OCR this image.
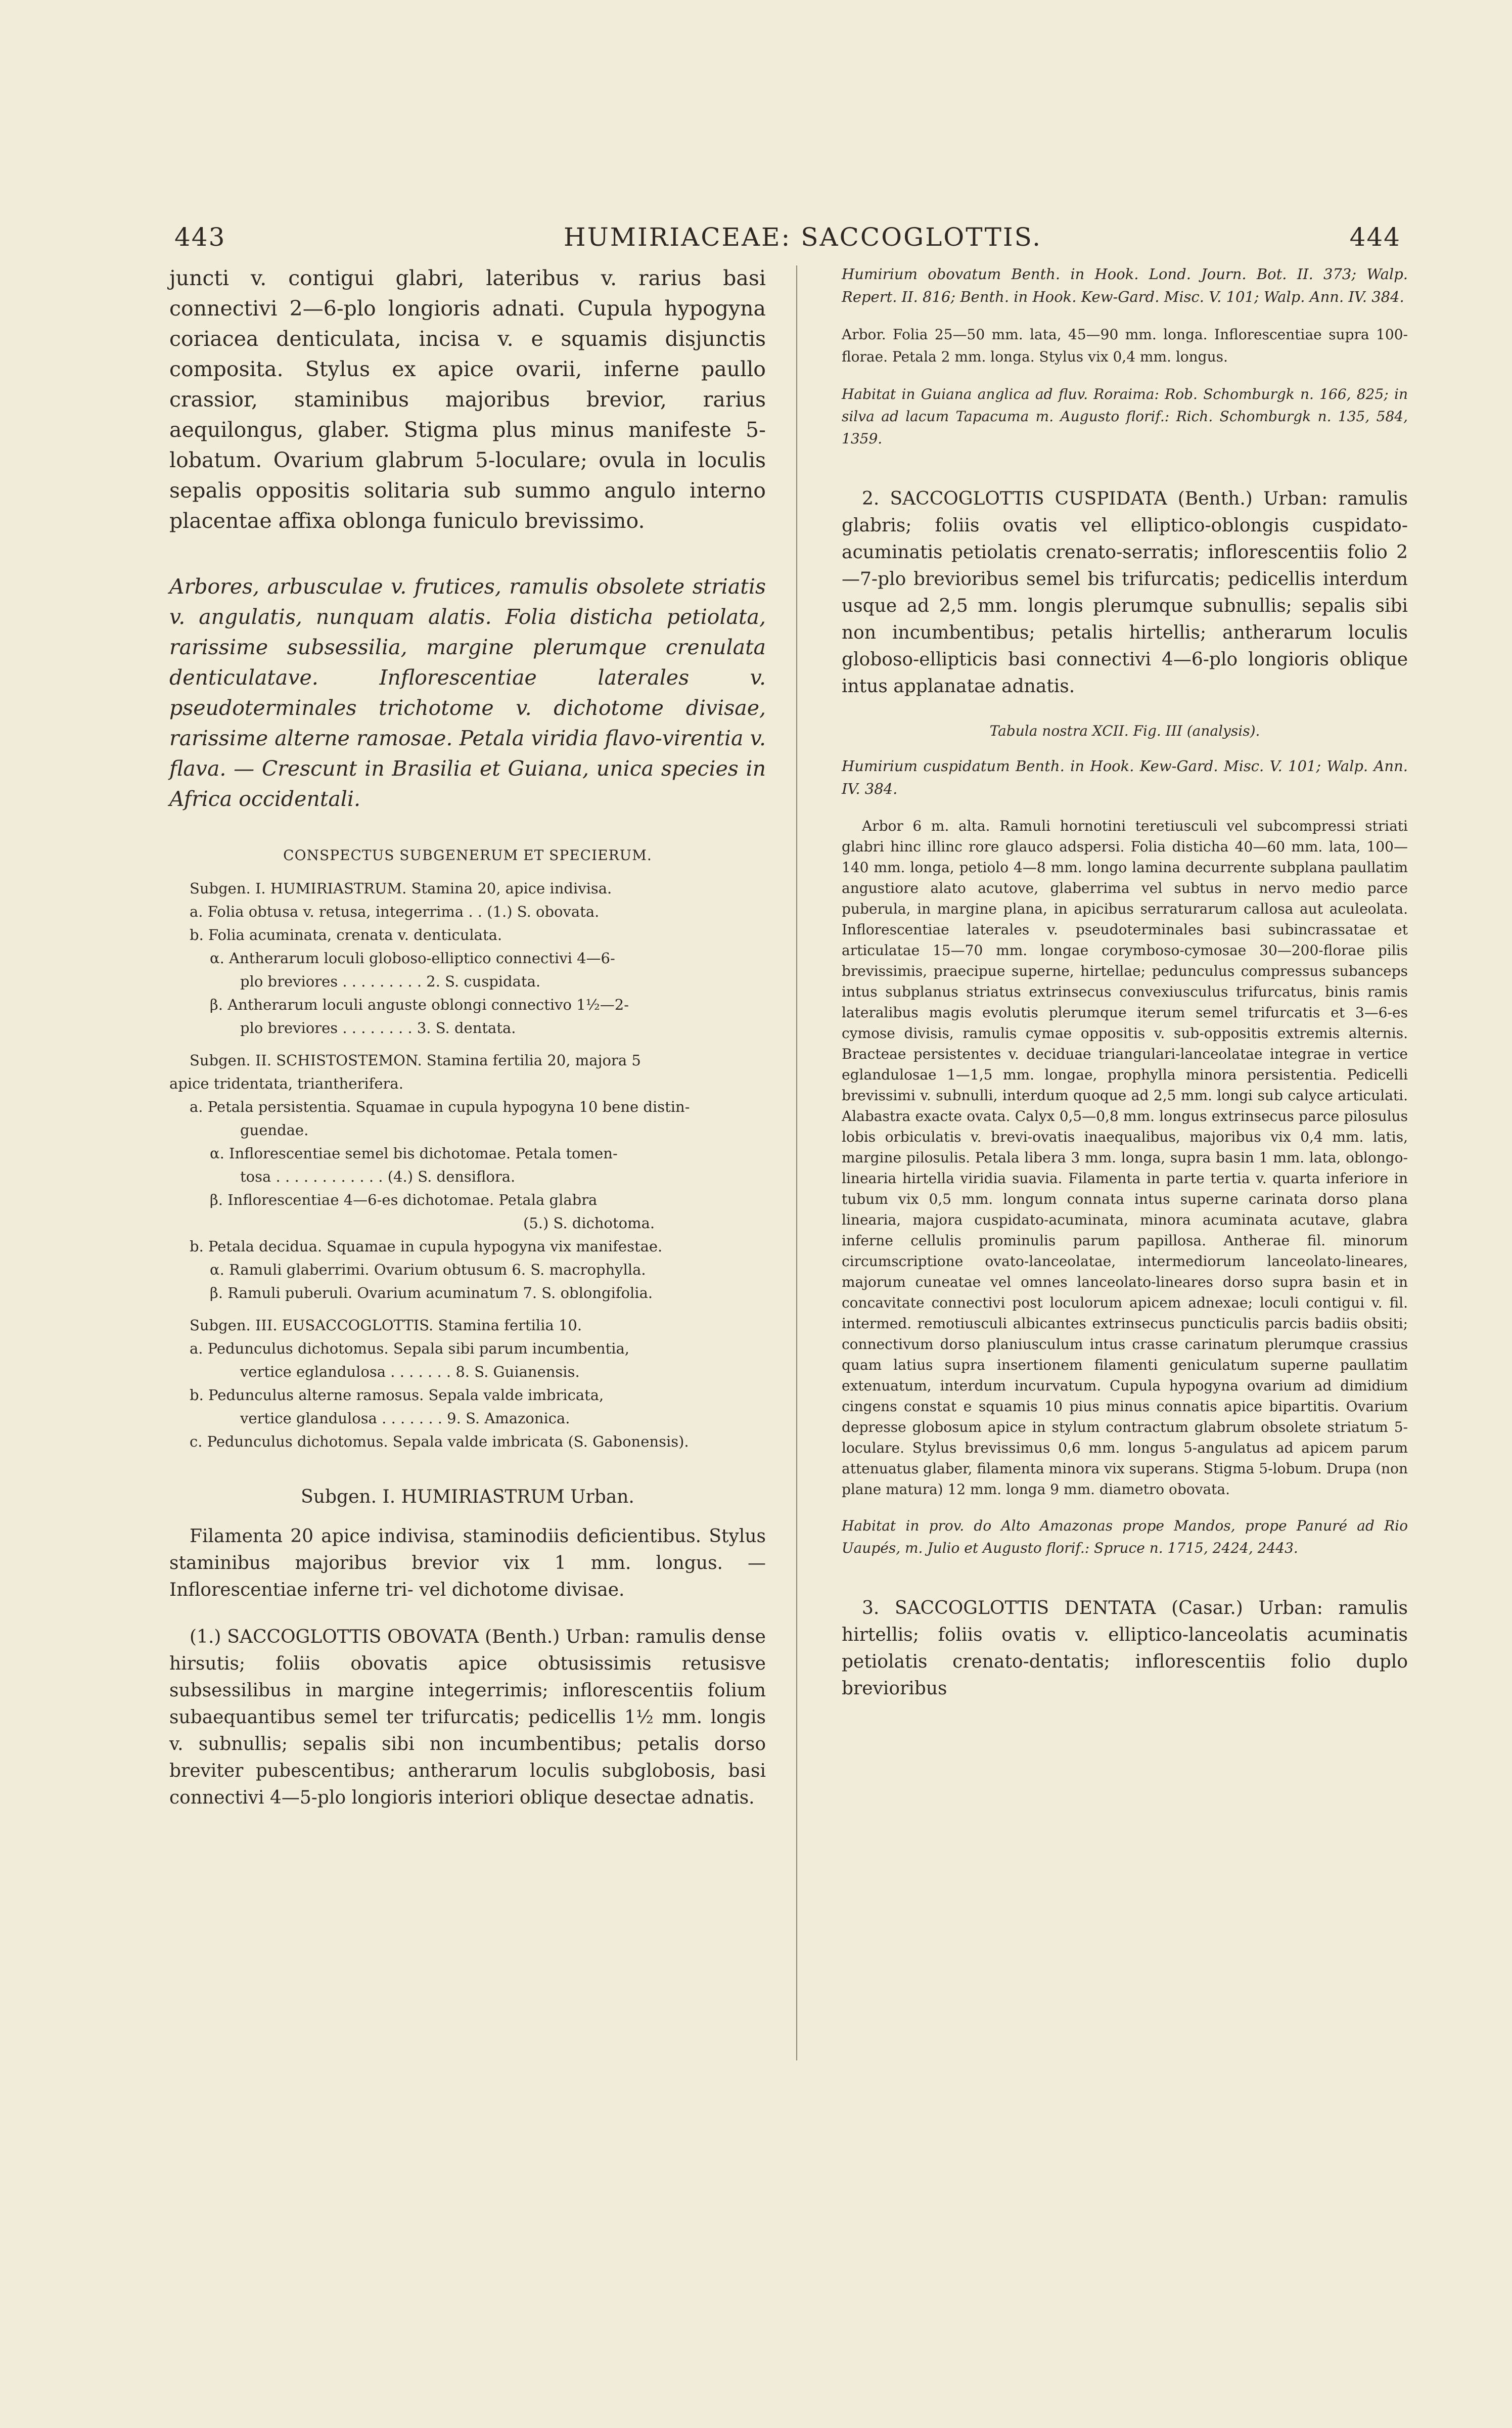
443	HUMIRIACEAE: SACCOGLOTTIS.	444

juncti v. contigui glabri, lateribus v. rarius basi connectivi 2—6-plo longioris adnati. Cupula hypogyna coriacea denticulata, incisa v. e squamis disjunctis composita. Stylus ex apice ovarii, inferne paullo crassior, staminibus majoribus brevior, rarius aequilongus, glaber. Stigma plus minus manifeste 5-lobatum. Ovarium glabrum 5-loculare; ovula in loculis sepalis oppositis solitaria sub summo angulo interno placentae affixa oblonga funiculo brevissimo.

Arbores, arbusculae v. frutices, ramulis obsolete striatis v. angulatis, nunquam alatis. Folia disticha petiolata, rarissime subsessilia, margine plerumque crenulata denticulatave. Inflorescentiae laterales v. pseudoterminales trichotome v. dichotome divisae, rarissime alterne ramosae. Petala viridia flavo-virentia v. flava. — Crescunt in Brasilia et Guiana, unica species in Africa occidentali.

CONSPECTUS SUBGENERUM ET SPECIERUM.

Subgen. I. HUMIRIASTRUM. Stamina 20, apice indivisa.
a. Folia obtusa v. retusa, integerrima . . (1.) S. obovata.
b. Folia acuminata, crenata v. denticulata.
α. Antherarum loculi globoso-elliptico connectivi 4—6-
plo breviores . . . . . . . . . 2. S. cuspidata.
β. Antherarum loculi anguste oblongi connectivo 1½—2-
plo breviores . . . . . . . . 3. S. dentata.
Subgen. II. SCHISTOSTEMON. Stamina fertilia 20, majora 5
apice tridentata, triantherifera.
a. Petala persistentia. Squamae in cupula hypogyna 10 bene distin-
guendae.
α. Inflorescentiae semel bis dichotomae. Petala tomen-
tosa . . . . . . . . . . . . (4.) S. densiflora.
β. Inflorescentiae 4—6-es dichotomae. Petala glabra
(5.) S. dichotoma.
b. Petala decidua. Squamae in cupula hypogyna vix manifestae.
α. Ramuli glaberrimi. Ovarium obtusum 6. S. macrophylla.
β. Ramuli puberuli. Ovarium acuminatum 7. S. oblongifolia.
Subgen. III. EUSACCOGLOTTIS. Stamina fertilia 10.
a. Pedunculus dichotomus. Sepala sibi parum incumbentia,
vertice eglandulosa . . . . . . . 8. S. Guianensis.
b. Pedunculus alterne ramosus. Sepala valde imbricata,
vertice glandulosa . . . . . . . 9. S. Amazonica.
c. Pedunculus dichotomus. Sepala valde imbricata (S. Gabonensis).

Subgen. I. HUMIRIASTRUM Urban.

Filamenta 20 apice indivisa, staminodiis deficientibus. Stylus staminibus majoribus brevior vix 1 mm. longus. — Inflorescentiae inferne tri- vel dichotome divisae.

(1.) SACCOGLOTTIS OBOVATA (Benth.) Urban: ramulis dense hirsutis; foliis obovatis apice obtusissimis retusisve subsessilibus in margine integerrimis; inflorescentiis folium subaequantibus semel ter trifurcatis; pedicellis 1½ mm. longis v. subnullis; sepalis sibi non incumbentibus; petalis dorso breviter pubescentibus; antherarum loculis subglobosis, basi connectivi 4—5-plo longioris interiori oblique desectae adnatis.

Humirium obovatum Benth. in Hook. Lond. Journ. Bot. II. 373; Walp. Repert. II. 816; Benth. in Hook. Kew-Gard. Misc. V. 101; Walp. Ann. IV. 384.

Arbor. Folia 25—50 mm. lata, 45—90 mm. longa. Inflorescentiae supra 100-florae. Petala 2 mm. longa. Stylus vix 0,4 mm. longus.

Habitat in Guiana anglica ad fluv. Roraima: Rob. Schomburgk n. 166, 825; in silva ad lacum Tapacuma m. Augusto florif.: Rich. Schomburgk n. 135, 584, 1359.

2. SACCOGLOTTIS CUSPIDATA (Benth.) Urban: ramulis glabris; foliis ovatis vel elliptico-oblongis cuspidato-acuminatis petiolatis crenato-serratis; inflorescentiis folio 2—7-plo brevioribus semel bis trifurcatis; pedicellis interdum usque ad 2,5 mm. longis plerumque subnullis; sepalis sibi non incumbentibus; petalis hirtellis; antherarum loculis globoso-ellipticis basi connectivi 4—6-plo longioris oblique intus applanatae adnatis.

Tabula nostra XCII. Fig. III (analysis).

Humirium cuspidatum Benth. in Hook. Kew-Gard. Misc. V. 101; Walp. Ann. IV. 384.

Arbor 6 m. alta. Ramuli hornotini teretiusculi vel subcompressi striati glabri hinc illinc rore glauco adspersi. Folia disticha 40—60 mm. lata, 100—140 mm. longa, petiolo 4—8 mm. longo lamina decurrente subplana paullatim angustiore alato acutove, glaberrima vel subtus in nervo medio parce puberula, in margine plana, in apicibus serraturarum callosa aut aculeolata. Inflorescentiae laterales v. pseudoterminales basi subincrassatae et articulatae 15—70 mm. longae corymboso-cymosae 30—200-florae pilis brevissimis, praecipue superne, hirtellae; pedunculus compressus subanceps intus subplanus striatus extrinsecus convexiusculus trifurcatus, binis ramis lateralibus magis evolutis plerumque iterum semel trifurcatis et 3—6-es cymose divisis, ramulis cymae oppositis v. sub-oppositis extremis alternis. Bracteae persistentes v. deciduae triangulari-lanceolatae integrae in vertice eglandulosae 1—1,5 mm. longae, prophylla minora persistentia. Pedicelli brevissimi v. subnulli, interdum quoque ad 2,5 mm. longi sub calyce articulati. Alabastra exacte ovata. Calyx 0,5—0,8 mm. longus extrinsecus parce pilosulus lobis orbiculatis v. brevi-ovatis inaequalibus, majoribus vix 0,4 mm. latis, margine pilosulis. Petala libera 3 mm. longa, supra basin 1 mm. lata, oblongo-linearia hirtella viridia suavia. Filamenta in parte tertia v. quarta inferiore in tubum vix 0,5 mm. longum connata intus superne carinata dorso plana linearia, majora cuspidato-acuminata, minora acuminata acutave, glabra inferne cellulis prominulis parum papillosa. Antherae fil. minorum circumscriptione ovato-lanceolatae, intermediorum lanceolato-lineares, majorum cuneatae vel omnes lanceolato-lineares dorso supra basin et in concavitate connectivi post loculorum apicem adnexae; loculi contigui v. fil. intermed. remotiusculi albicantes extrinsecus puncticulis parcis badiis obsiti; connectivum dorso planiusculum intus crasse carinatum plerumque crassius quam latius supra insertionem filamenti geniculatum superne paullatim extenuatum, interdum incurvatum. Cupula hypogyna ovarium ad dimidium cingens constat e squamis 10 pius minus connatis apice bipartitis. Ovarium depresse globosum apice in stylum contractum glabrum obsolete striatum 5-loculare. Stylus brevissimus 0,6 mm. longus 5-angulatus ad apicem parum attenuatus glaber, filamenta minora vix superans. Stigma 5-lobum. Drupa (non plane matura) 12 mm. longa 9 mm. diametro obovata.

Habitat in prov. do Alto Amazonas prope Mandos, prope Panuré ad Rio Uaupés, m. Julio et Augusto florif.: Spruce n. 1715, 2424, 2443.

3. SACCOGLOTTIS DENTATA (Casar.) Urban: ramulis hirtellis; foliis ovatis v. elliptico-lanceolatis acuminatis petiolatis crenato-dentatis; inflorescentiis folio duplo brevioribus
